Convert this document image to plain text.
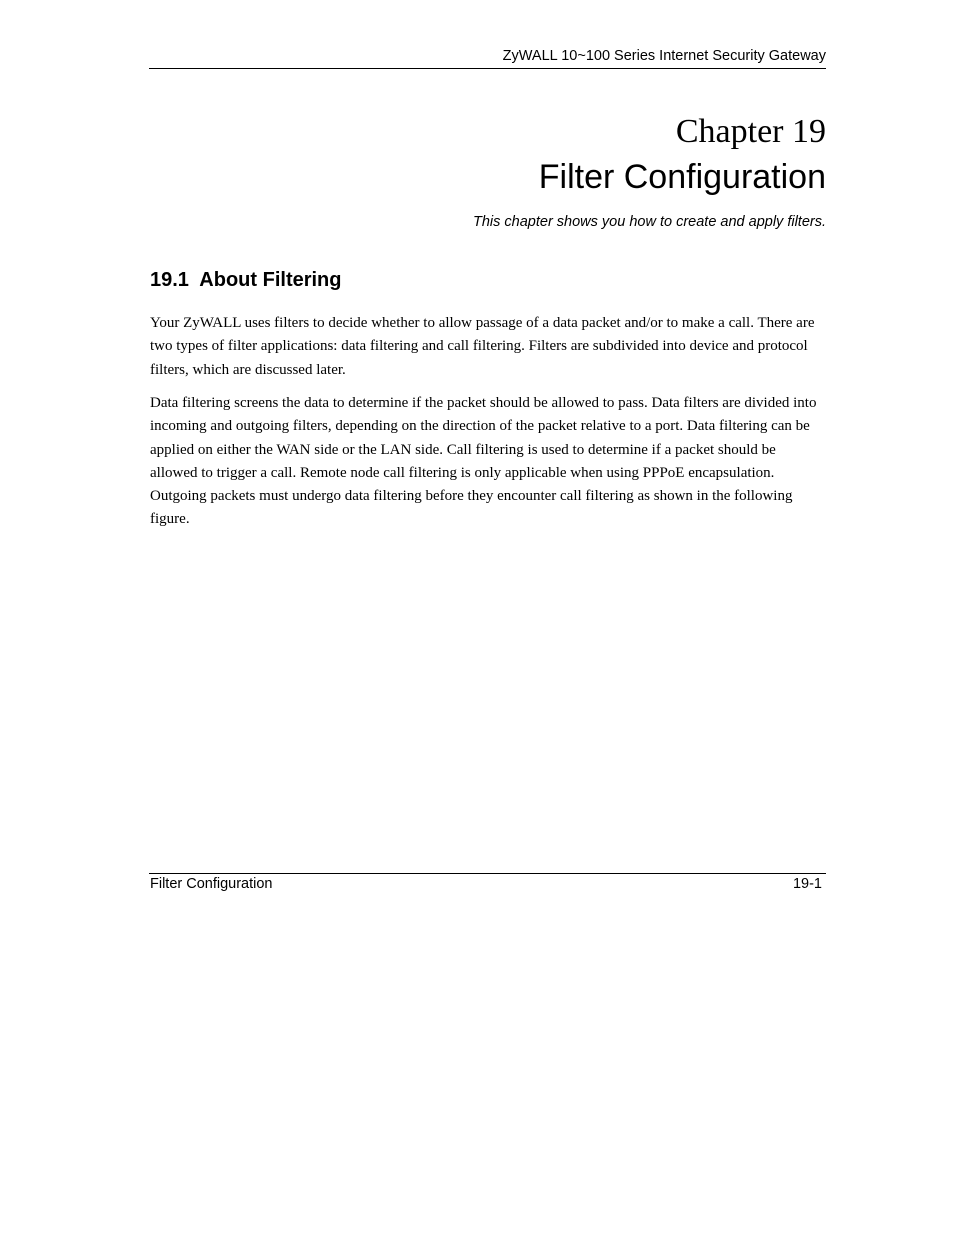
ZyWALL 10~100 Series Internet Security Gateway
Chapter 19
Filter Configuration
This chapter shows you how to create and apply filters.
19.1  About Filtering
Your ZyWALL uses filters to decide whether to allow passage of a data packet and/or to make a call. There are two types of filter applications: data filtering and call filtering. Filters are subdivided into device and protocol filters, which are discussed later.
Data filtering screens the data to determine if the packet should be allowed to pass. Data filters are divided into incoming and outgoing filters, depending on the direction of the packet relative to a port. Data filtering can be applied on either the WAN side or the LAN side. Call filtering is used to determine if a packet should be allowed to trigger a call. Remote node call filtering is only applicable when using PPPoE encapsulation. Outgoing packets must undergo data filtering before they encounter call filtering as shown in the following figure.
Filter Configuration	19-1
